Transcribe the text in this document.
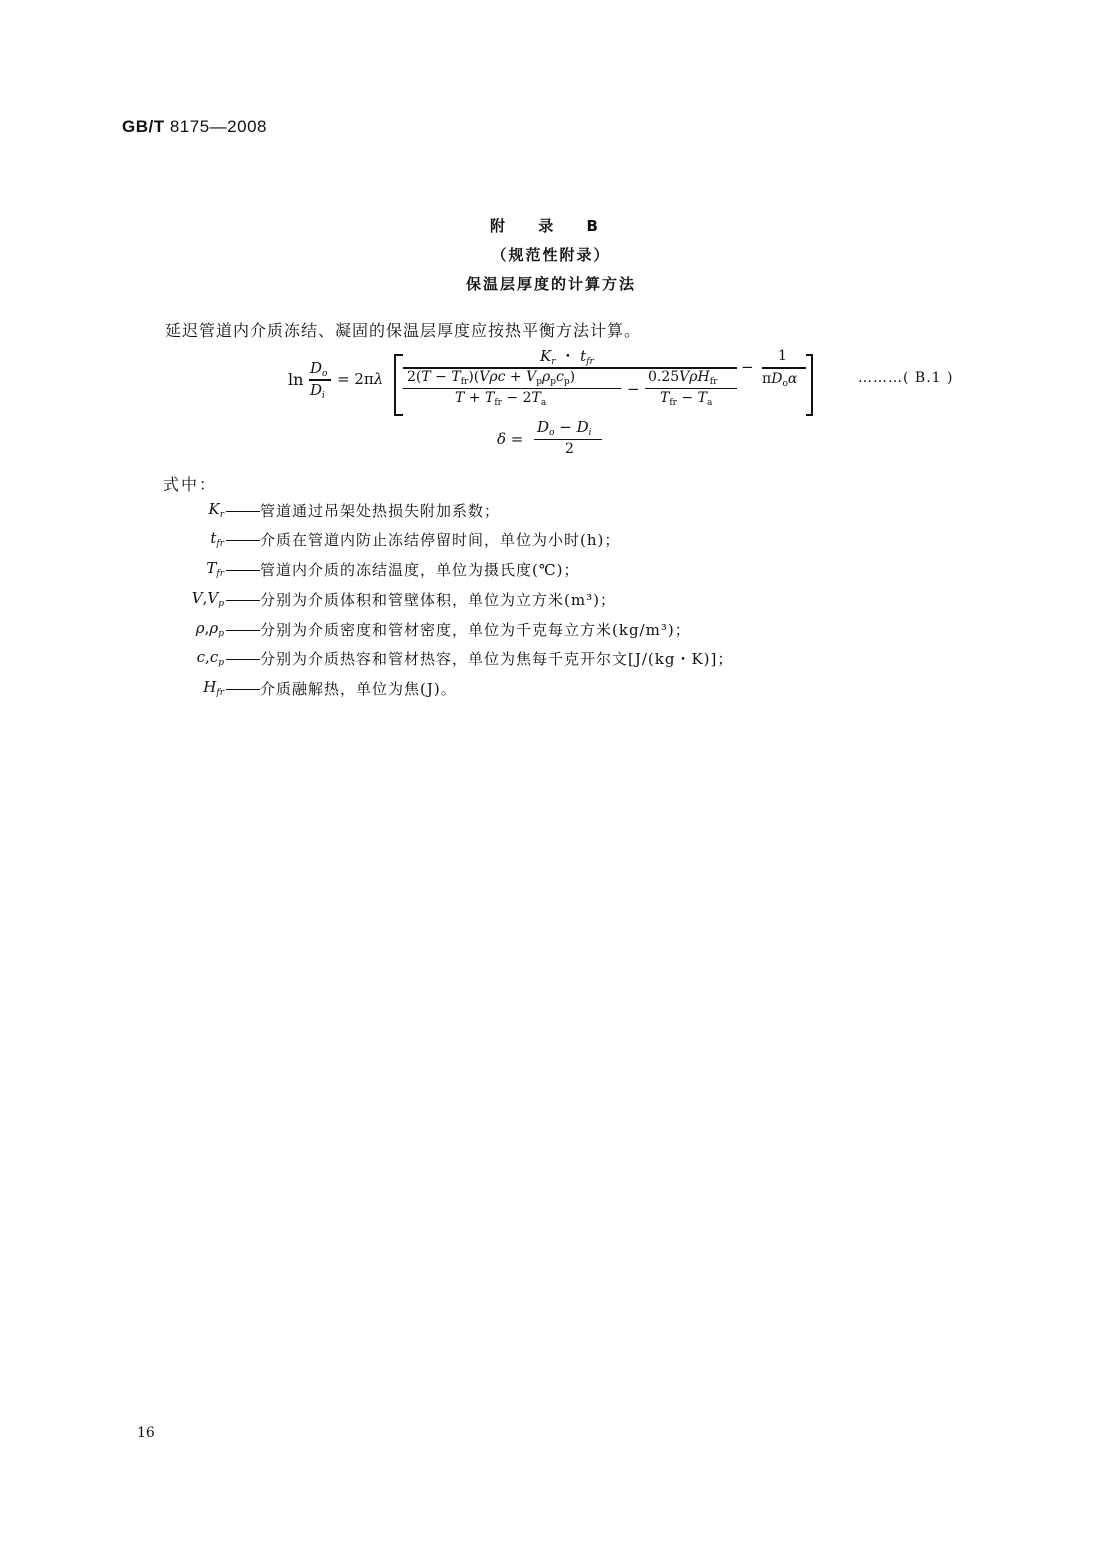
GB/T 8175—2008
附 录 B
（规范性附录）
保温层厚度的计算方法
延迟管道内介质冻结、凝固的保温层厚度应按热平衡方法计算。
ln
$D_o$
$D_i$
= 2πλ
$K_r$ ・ $t_{fr}$
$2(T - T_{fr})(V\rho c + V_p\rho_pc_p)$
$T + T_{fr} - 2T_a$
−
0.25VρH$_{fr}$
$T_{fr} - T_a$
−
1
$\pi D_o\alpha$
δ =
$D_o - D_i$
2
………( B.1 )
式中：
$K_r$ 管道通过吊架处热损失附加系数；
$t_{fr}$ 介质在管道内防止冻结停留时间，单位为小时(h)；
$T_{fr}$ 管道内介质的冻结温度，单位为摄氏度(℃)；
$V,V_p$ 分别为介质体积和管壁体积，单位为立方米(m³)；
$\rho,\rho_p$ 分别为介质密度和管材密度，单位为千克每立方米(kg/m³)；
$c,c_p$ 分别为介质热容和管材热容，单位为焦每千克开尔文[J/(kg・K)]；
$H_{fr}$ 介质融解热，单位为焦(J)。
16
